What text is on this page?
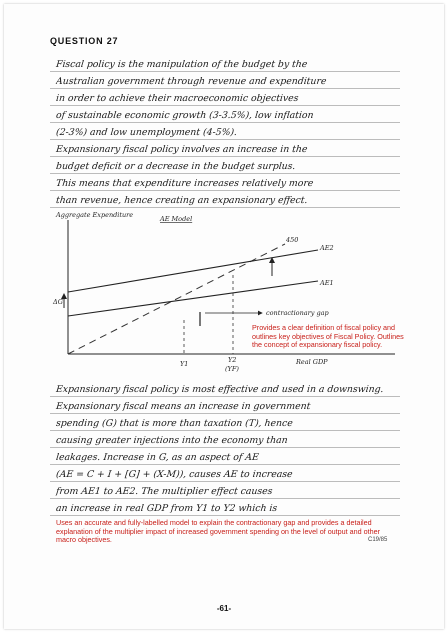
QUESTION 27
Fiscal policy is the manipulation of the budget by the
Australian government through revenue and expenditure
in order to achieve their macroeconomic objectives
of sustainable economic growth (3-3.5%), low inflation
(2-3%) and low unemployment (4-5%).
Expansionary fiscal policy involves an increase in the
budget deficit or a decrease in the budget surplus.
This means that expenditure increases relatively more
than revenue, hence creating an expansionary effect.
Aggregate Expenditure	AE Model
450
AE2
AE1
ΔG
contractionary gap
Y1	Y2
(YF)
Real GDP
Provides a clear definition of fiscal policy and outlines key objectives of Fiscal Policy. Outlines the concept of expansionary fiscal policy.
Expansionary fiscal policy is most effective and used in a downswing.
Expansionary fiscal means an increase in government
spending (G) that is more than taxation (T), hence
causing greater injections into the economy than
leakages. Increase in G, as an aspect of AE
(AE = C + I + [G] + (X-M)), causes AE to increase
from AE1 to AE2. The multiplier effect causes
an increase in real GDP from Y1 to Y2 which is
Uses an accurate and fully-labelled model to explain the contractionary gap and provides a detailed explanation of the multiplier impact of increased government spending on the level of output and other macro objectives.	C19/85
-61-
